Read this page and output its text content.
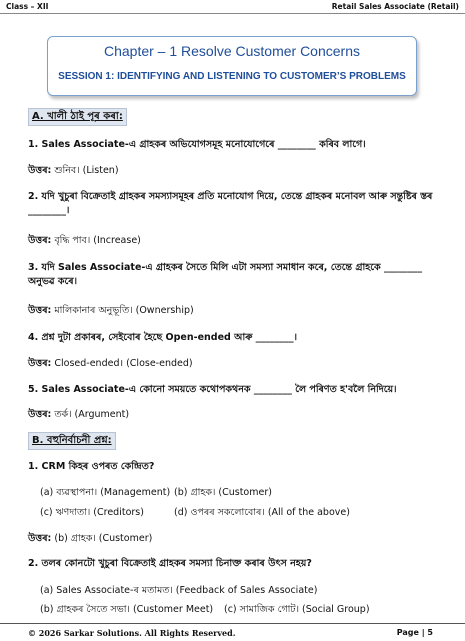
Class – XII	Retail Sales Associate (Retail)
Chapter – 1 Resolve Customer Concerns
SESSION 1: IDENTIFYING AND LISTENING TO CUSTOMER’S PROBLEMS
A. খালী ঠাই পূৰ কৰা:
1. Sales Associate-এ গ্ৰাহকৰ অভিযোগসমূহ মনোযোগেৰে ________ কৰিব লাগে।
উত্তৰ: শুনিব। (Listen)
2. যদি খুচুৰা বিক্ৰেতাই গ্ৰাহকৰ সমস্যাসমূহৰ প্ৰতি মনোযোগ দিয়ে, তেন্তে গ্ৰাহকৰ মনোবল আৰু সন্তুষ্টিৰ স্তৰ ________।
উত্তৰ: বৃদ্ধি পাব। (Increase)
3. যদি Sales Associate-এ গ্ৰাহকৰ সৈতে মিলি এটা সমস্যা সমাধান কৰে, তেন্তে গ্ৰাহকে ________ অনুভৱ কৰে।
উত্তৰ: মালিকানাৰ অনুভূতি। (Ownership)
4. প্ৰশ্ন দুটা প্ৰকাৰৰ, সেইবোৰ হৈছে Open-ended আৰু ________।
উত্তৰ: Closed-ended। (Close-ended)
5. Sales Associate-এ কোনো সময়তে কথোপকথনক ________ লৈ পৰিণত হ'বলৈ নিদিয়ে।
উত্তৰ: তৰ্ক। (Argument)
B. বহুনিৰ্বাচনী প্ৰশ্ন:
1. CRM কিহৰ ওপৰত কেন্দ্ৰিত?
(a) ব্যৱস্থাপনা। (Management) (b) গ্ৰাহক। (Customer)
(c) ঋণদাতা। (Creditors)	(d) ওপৰৰ সকলোবোৰ। (All of the above)
উত্তৰ: (b) গ্ৰাহক। (Customer)
2. তলৰ কোনটো খুচুৰা বিক্ৰেতাই গ্ৰাহকৰ সমস্যা চিনাক্ত কৰাৰ উৎস নহয়?
(a) Sales Associate-ৰ মতামত। (Feedback of Sales Associate)
(b) গ্ৰাহকৰ সৈতে সভা। (Customer Meet) (c) সামাজিক গোট। (Social Group)
© 2026 Sarkar Solutions. All Rights Reserved.	Page | 5
